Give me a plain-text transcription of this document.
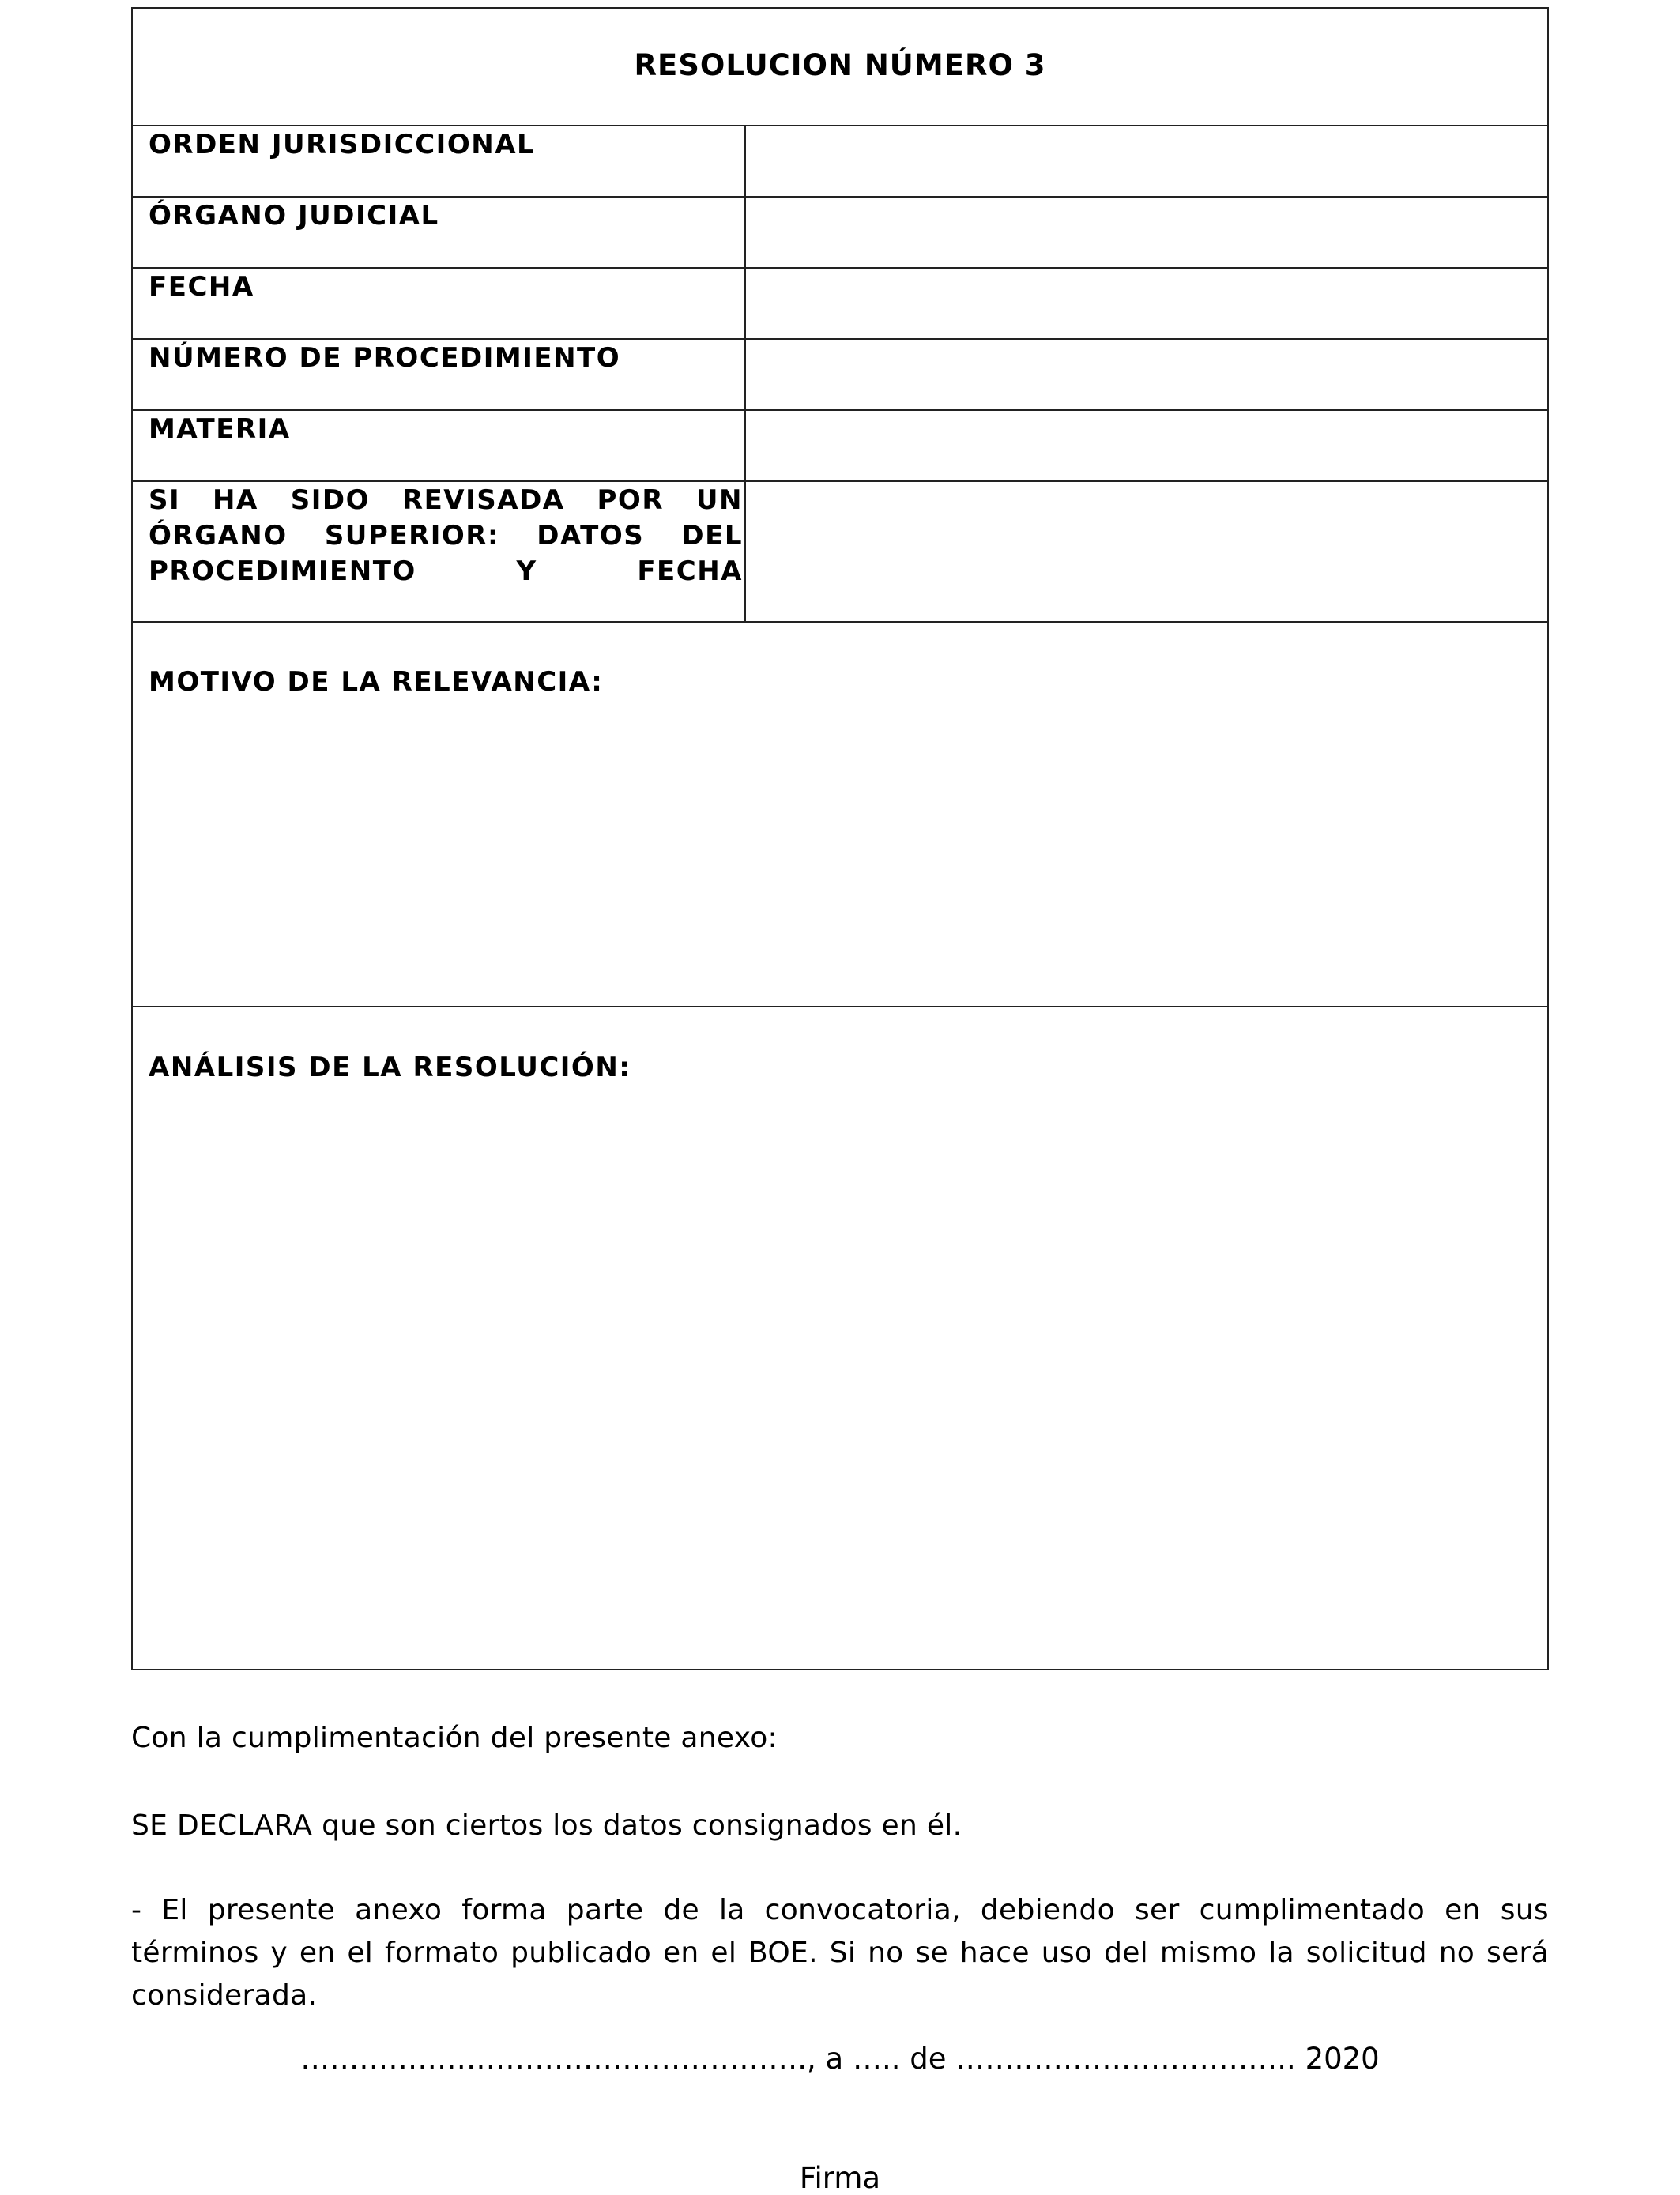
RESOLUCION NÚMERO 3
ORDEN JURISDICCIONAL
ÓRGANO JUDICIAL
FECHA
NÚMERO DE PROCEDIMIENTO
MATERIA
SI HA SIDO REVISADA POR UN
ÓRGANO SUPERIOR: DATOS DEL
PROCEDIMIENTO Y FECHA
MOTIVO DE LA RELEVANCIA:
ANÁLISIS DE LA RESOLUCIÓN:
Con la cumplimentación del presente anexo:
SE DECLARA que son ciertos los datos consignados en él.
- El presente anexo forma parte de la convocatoria, debiendo ser cumplimentado en sus términos y en el formato publicado en el BOE. Si no se hace uso del mismo la solicitud no será considerada.
……………………………………………., a ….. de …………………………….. 2020
Firma
